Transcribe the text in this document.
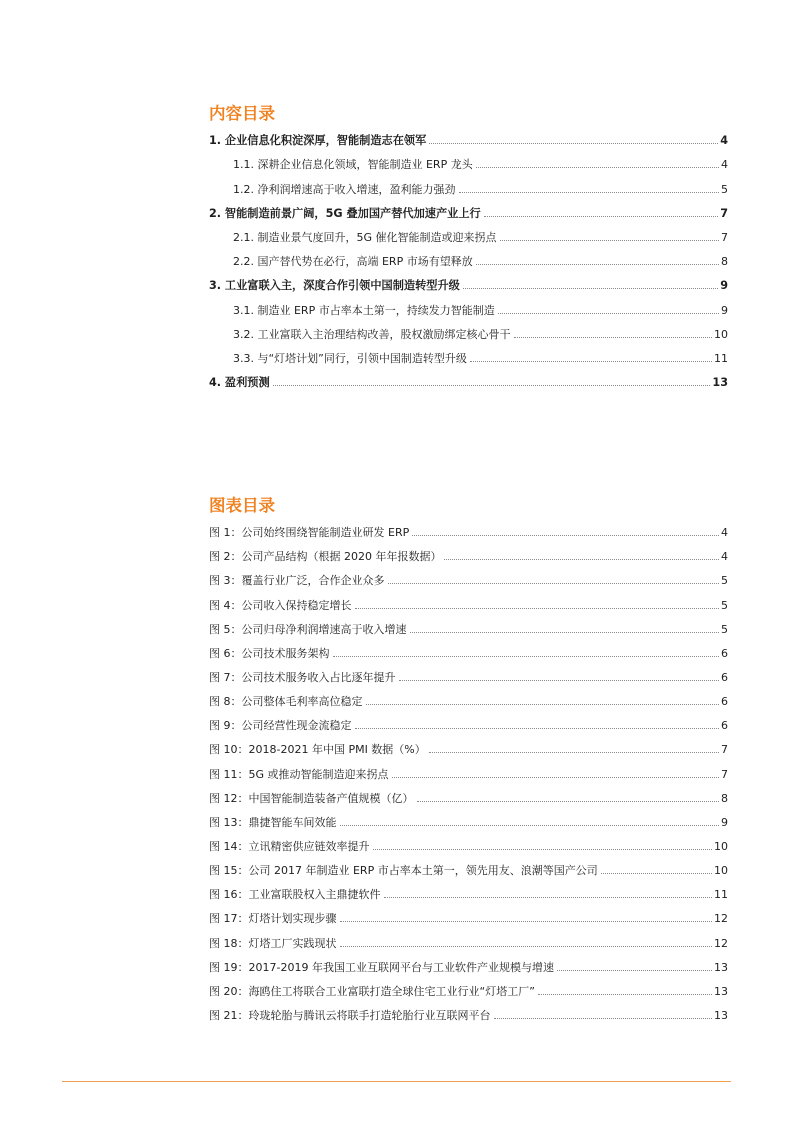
内容目录
1. 企业信息化积淀深厚，智能制造志在领军	4
1.1. 深耕企业信息化领域，智能制造业 ERP 龙头	4
1.2. 净利润增速高于收入增速，盈利能力强劲	5
2. 智能制造前景广阔，5G 叠加国产替代加速产业上行	7
2.1. 制造业景气度回升，5G 催化智能制造或迎来拐点	7
2.2. 国产替代势在必行，高端 ERP 市场有望释放	8
3. 工业富联入主，深度合作引领中国制造转型升级	9
3.1. 制造业 ERP 市占率本土第一，持续发力智能制造	9
3.2. 工业富联入主治理结构改善，股权激励绑定核心骨干	10
3.3. 与“灯塔计划”同行，引领中国制造转型升级	11
4. 盈利预测	13
图表目录
图 1：公司始终围绕智能制造业研发 ERP	4
图 2：公司产品结构（根据 2020 年年报数据）	4
图 3：覆盖行业广泛，合作企业众多	5
图 4：公司收入保持稳定增长	5
图 5：公司归母净利润增速高于收入增速	5
图 6：公司技术服务架构	6
图 7：公司技术服务收入占比逐年提升	6
图 8：公司整体毛利率高位稳定	6
图 9：公司经营性现金流稳定	6
图 10：2018-2021 年中国 PMI 数据（%）	7
图 11：5G 或推动智能制造迎来拐点	7
图 12：中国智能制造装备产值规模（亿）	8
图 13：鼎捷智能车间效能	9
图 14：立讯精密供应链效率提升	10
图 15：公司 2017 年制造业 ERP 市占率本土第一，领先用友、浪潮等国产公司	10
图 16：工业富联股权入主鼎捷软件	11
图 17：灯塔计划实现步骤	12
图 18：灯塔工厂实践现状	12
图 19：2017-2019 年我国工业互联网平台与工业软件产业规模与增速	13
图 20：海鸥住工将联合工业富联打造全球住宅工业行业“灯塔工厂”	13
图 21：玲珑轮胎与腾讯云将联手打造轮胎行业互联网平台	13
